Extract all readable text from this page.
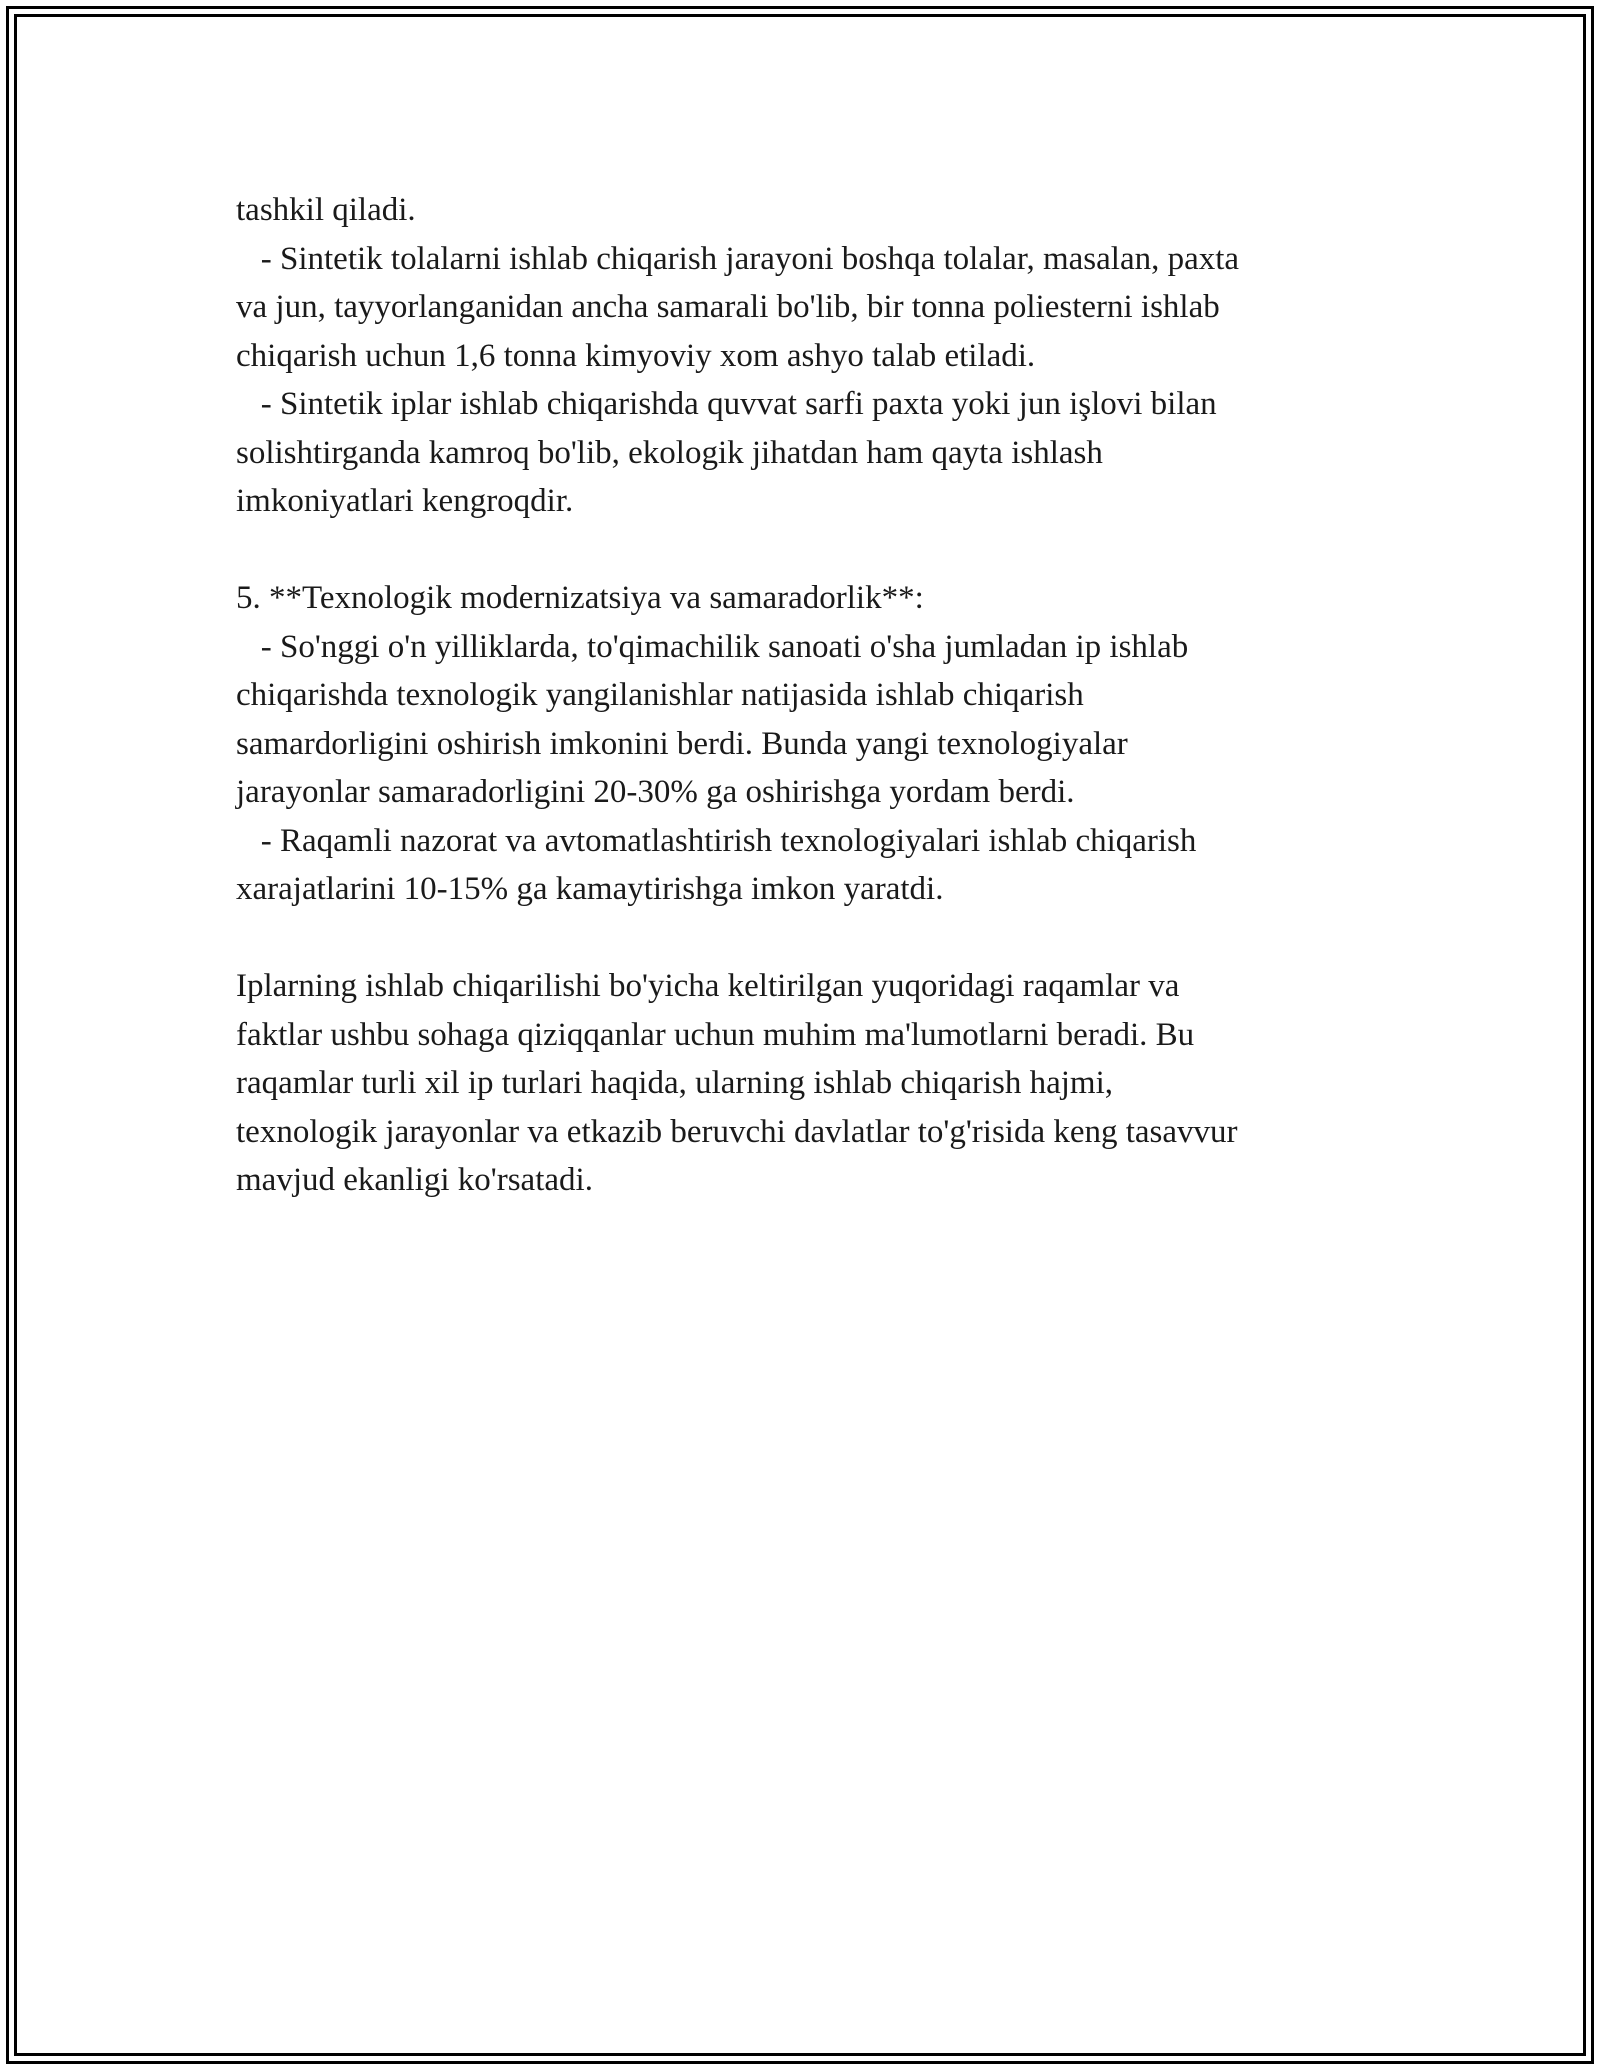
tashkil qiladi.
- Sintetik tolalarni ishlab chiqarish jarayoni boshqa tolalar, masalan, paxta
va jun, tayyorlanganidan ancha samarali bo'lib, bir tonna poliesterni ishlab
chiqarish uchun 1,6 tonna kimyoviy xom ashyo talab etiladi.
- Sintetik iplar ishlab chiqarishda quvvat sarfi paxta yoki jun işlovi bilan
solishtirganda kamroq bo'lib, ekologik jihatdan ham qayta ishlash
imkoniyatlari kengroqdir.
5. **Texnologik modernizatsiya va samaradorlik**:
- So'nggi o'n yilliklarda, to'qimachilik sanoati o'sha jumladan ip ishlab
chiqarishda texnologik yangilanishlar natijasida ishlab chiqarish
samardorligini oshirish imkonini berdi. Bunda yangi texnologiyalar
jarayonlar samaradorligini 20-30% ga oshirishga yordam berdi.
- Raqamli nazorat va avtomatlashtirish texnologiyalari ishlab chiqarish
xarajatlarini 10-15% ga kamaytirishga imkon yaratdi.
Iplarning ishlab chiqarilishi bo'yicha keltirilgan yuqoridagi raqamlar va
faktlar ushbu sohaga qiziqqanlar uchun muhim ma'lumotlarni beradi. Bu
raqamlar turli xil ip turlari haqida, ularning ishlab chiqarish hajmi,
texnologik jarayonlar va etkazib beruvchi davlatlar to'g'risida keng tasavvur
mavjud ekanligi ko'rsatadi.
